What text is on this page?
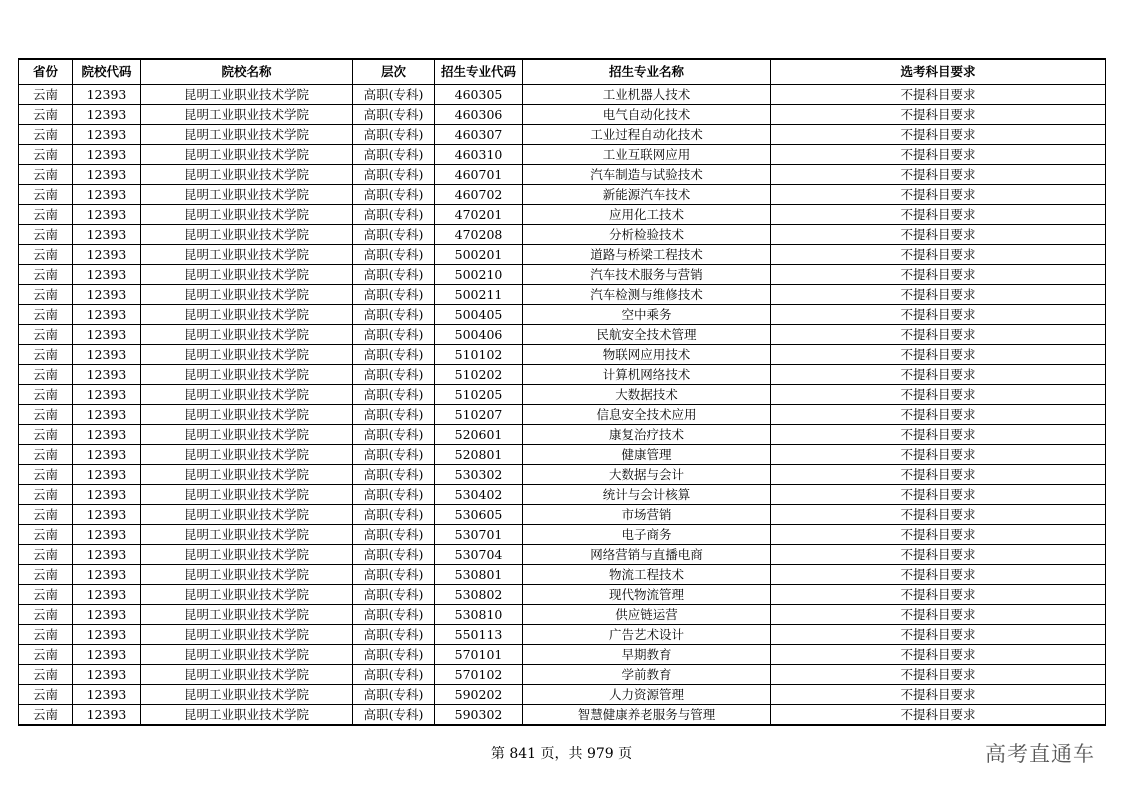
省份	院校代码	院校名称	层次	招生专业代码	招生专业名称	选考科目要求
云南	12393	昆明工业职业技术学院	高职(专科)	460305	工业机器人技术	不提科目要求
云南	12393	昆明工业职业技术学院	高职(专科)	460306	电气自动化技术	不提科目要求
云南	12393	昆明工业职业技术学院	高职(专科)	460307	工业过程自动化技术	不提科目要求
云南	12393	昆明工业职业技术学院	高职(专科)	460310	工业互联网应用	不提科目要求
云南	12393	昆明工业职业技术学院	高职(专科)	460701	汽车制造与试验技术	不提科目要求
云南	12393	昆明工业职业技术学院	高职(专科)	460702	新能源汽车技术	不提科目要求
云南	12393	昆明工业职业技术学院	高职(专科)	470201	应用化工技术	不提科目要求
云南	12393	昆明工业职业技术学院	高职(专科)	470208	分析检验技术	不提科目要求
云南	12393	昆明工业职业技术学院	高职(专科)	500201	道路与桥梁工程技术	不提科目要求
云南	12393	昆明工业职业技术学院	高职(专科)	500210	汽车技术服务与营销	不提科目要求
云南	12393	昆明工业职业技术学院	高职(专科)	500211	汽车检测与维修技术	不提科目要求
云南	12393	昆明工业职业技术学院	高职(专科)	500405	空中乘务	不提科目要求
云南	12393	昆明工业职业技术学院	高职(专科)	500406	民航安全技术管理	不提科目要求
云南	12393	昆明工业职业技术学院	高职(专科)	510102	物联网应用技术	不提科目要求
云南	12393	昆明工业职业技术学院	高职(专科)	510202	计算机网络技术	不提科目要求
云南	12393	昆明工业职业技术学院	高职(专科)	510205	大数据技术	不提科目要求
云南	12393	昆明工业职业技术学院	高职(专科)	510207	信息安全技术应用	不提科目要求
云南	12393	昆明工业职业技术学院	高职(专科)	520601	康复治疗技术	不提科目要求
云南	12393	昆明工业职业技术学院	高职(专科)	520801	健康管理	不提科目要求
云南	12393	昆明工业职业技术学院	高职(专科)	530302	大数据与会计	不提科目要求
云南	12393	昆明工业职业技术学院	高职(专科)	530402	统计与会计核算	不提科目要求
云南	12393	昆明工业职业技术学院	高职(专科)	530605	市场营销	不提科目要求
云南	12393	昆明工业职业技术学院	高职(专科)	530701	电子商务	不提科目要求
云南	12393	昆明工业职业技术学院	高职(专科)	530704	网络营销与直播电商	不提科目要求
云南	12393	昆明工业职业技术学院	高职(专科)	530801	物流工程技术	不提科目要求
云南	12393	昆明工业职业技术学院	高职(专科)	530802	现代物流管理	不提科目要求
云南	12393	昆明工业职业技术学院	高职(专科)	530810	供应链运营	不提科目要求
云南	12393	昆明工业职业技术学院	高职(专科)	550113	广告艺术设计	不提科目要求
云南	12393	昆明工业职业技术学院	高职(专科)	570101	早期教育	不提科目要求
云南	12393	昆明工业职业技术学院	高职(专科)	570102	学前教育	不提科目要求
云南	12393	昆明工业职业技术学院	高职(专科)	590202	人力资源管理	不提科目要求
云南	12393	昆明工业职业技术学院	高职(专科)	590302	智慧健康养老服务与管理	不提科目要求
第 841 页，共 979 页	高考直通车
